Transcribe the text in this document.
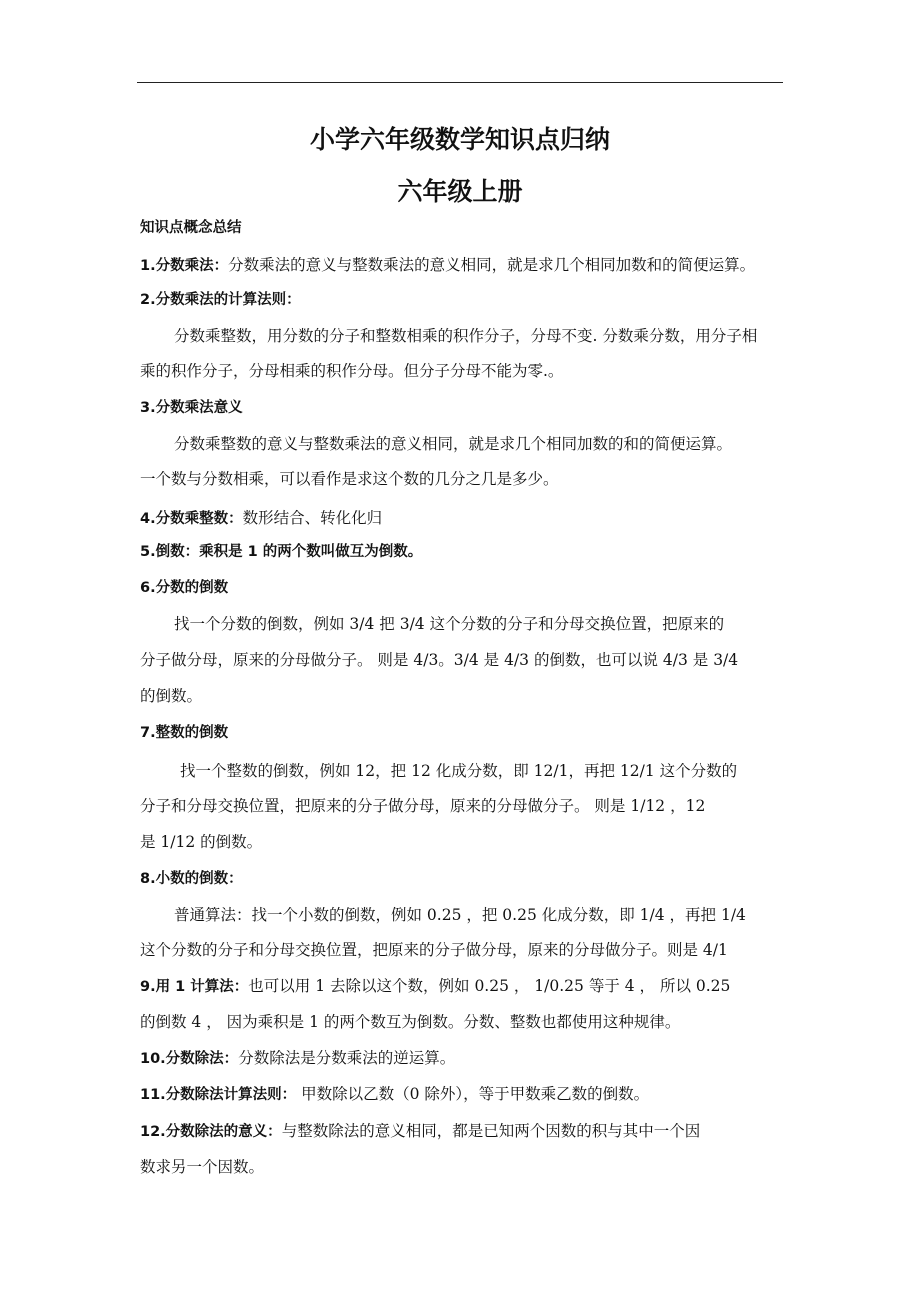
小学六年级数学知识点归纳
六年级上册
知识点概念总结
1.分数乘法：分数乘法的意义与整数乘法的意义相同，就是求几个相同加数和的简便运算。
2.分数乘法的计算法则：
分数乘整数，用分数的分子和整数相乘的积作分子，分母不变. 分数乘分数，用分子相
乘的积作分子，分母相乘的积作分母。但分子分母不能为零.。
3.分数乘法意义
分数乘整数的意义与整数乘法的意义相同，就是求几个相同加数的和的简便运算。
一个数与分数相乘，可以看作是求这个数的几分之几是多少。
4.分数乘整数：数形结合、转化化归
5.倒数：乘积是 1 的两个数叫做互为倒数。
6.分数的倒数
找一个分数的倒数，例如 3/4 把 3/4 这个分数的分子和分母交换位置，把原来的
分子做分母，原来的分母做分子。 则是 4/3。3/4 是 4/3 的倒数，也可以说 4/3 是 3/4
的倒数。
7.整数的倒数
找一个整数的倒数，例如 12，把 12 化成分数，即 12/1，再把 12/1 这个分数的
分子和分母交换位置，把原来的分子做分母，原来的分母做分子。 则是 1/12 ，12
是 1/12 的倒数。
8.小数的倒数：
普通算法：找一个小数的倒数，例如 0.25 ，把 0.25 化成分数，即 1/4 ，再把 1/4
这个分数的分子和分母交换位置，把原来的分子做分母，原来的分母做分子。则是 4/1
9.用 1 计算法：也可以用 1 去除以这个数，例如 0.25 ， 1/0.25 等于 4 ， 所以 0.25
的倒数 4 ， 因为乘积是 1 的两个数互为倒数。分数、整数也都使用这种规律。
10.分数除法：分数除法是分数乘法的逆运算。
11.分数除法计算法则： 甲数除以乙数（0 除外），等于甲数乘乙数的倒数。
12.分数除法的意义：与整数除法的意义相同，都是已知两个因数的积与其中一个因
数求另一个因数。
